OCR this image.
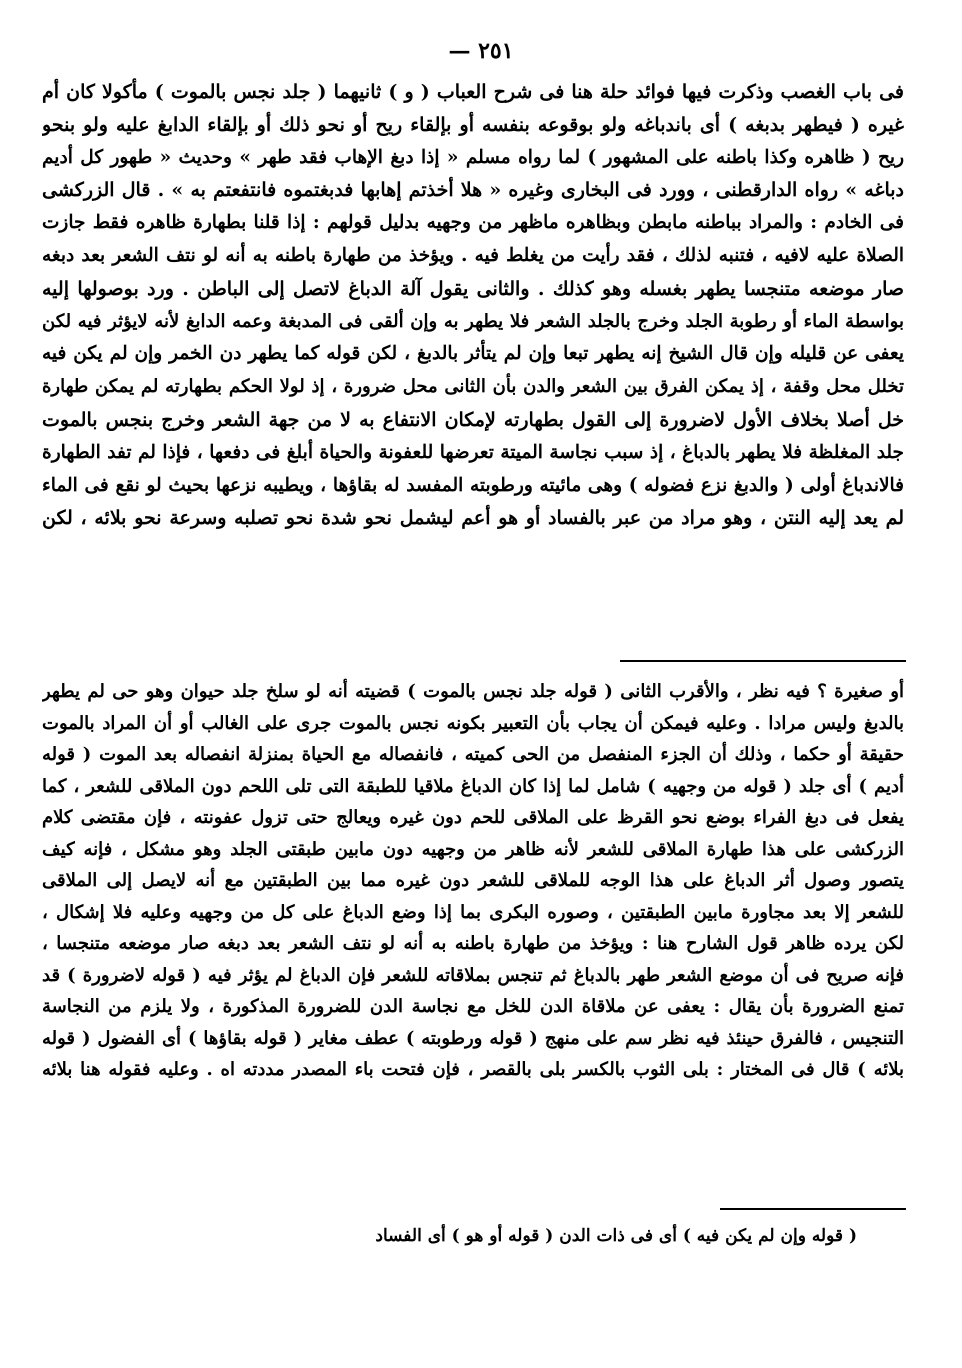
— ٢٥١
فى باب الغصب وذكرت فيها فوائد حلة هنا فى شرح العباب ( و ) ثانيهما ( جلد نجس بالموت ) مأكولا كان أم
غيره ( فيطهر بدبغه ) أى باندباغه ولو بوقوعه بنفسه أو بإلقاء ريح أو نحو ذلك أو بإلقاء الدابغ عليه ولو بنحو
ريح ( ظاهره وكذا باطنه على المشهور ) لما رواه مسلم « إذا دبغ الإهاب فقد طهر » وحديث « طهور كل أديم
دباغه » رواه الدارقطنى ، وورد فى البخارى وغيره « هلا أخذتم إهابها فدبغتموه فانتفعتم به » . قال الزركشى
فى الخادم : والمراد بباطنه مابطن وبظاهره ماظهر من وجهيه بدليل قولهم : إذا قلنا بطهارة ظاهره فقط جازت
الصلاة عليه لافيه ، فتنبه لذلك ، فقد رأيت من يغلط فيه . ويؤخذ من طهارة باطنه به أنه لو نتف الشعر بعد دبغه
صار موضعه متنجسا يطهر بغسله وهو كذلك . والثانى يقول آلة الدباغ لاتصل إلى الباطن . ورد بوصولها إليه
بواسطة الماء أو رطوبة الجلد وخرج بالجلد الشعر فلا يطهر به وإن ألقى فى المدبغة وعمه الدابغ لأنه لايؤثر فيه لكن
يعفى عن قليله وإن قال الشيخ إنه يطهر تبعا وإن لم يتأثر بالدبغ ، لكن قوله كما يطهر دن الخمر وإن لم يكن فيه
تخلل محل وقفة ، إذ يمكن الفرق بين الشعر والدن بأن الثانى محل ضرورة ، إذ لولا الحكم بطهارته لم يمكن طهارة
خل أصلا بخلاف الأول لاضرورة إلى القول بطهارته لإمكان الانتفاع به لا من جهة الشعر وخرج بنجس بالموت
جلد المغلظة فلا يطهر بالدباغ ، إذ سبب نجاسة الميتة تعرضها للعفونة والحياة أبلغ فى دفعها ، فإذا لم تفد الطهارة
فالاندباغ أولى ( والدبغ نزع فضوله ) وهى مائيته ورطوبته المفسد له بقاؤها ، ويطيبه نزعها بحيث لو نقع فى الماء
لم يعد إليه النتن ، وهو مراد من عبر بالفساد أو هو أعم ليشمل نحو شدة نحو تصلبه وسرعة نحو بلائه ، لكن
أو صغيرة ؟ فيه نظر ، والأقرب الثانى ( قوله جلد نجس بالموت ) قضيته أنه لو سلخ جلد حيوان وهو حى لم يطهر
بالدبغ وليس مرادا . وعليه فيمكن أن يجاب بأن التعبير بكونه نجس بالموت جرى على الغالب أو أن المراد بالموت
حقيقة أو حكما ، وذلك أن الجزء المنفصل من الحى كميته ، فانفصاله مع الحياة بمنزلة انفصاله بعد الموت ( قوله
أديم ) أى جلد ( قوله من وجهيه ) شامل لما إذا كان الدباغ ملاقيا للطبقة التى تلى اللحم دون الملاقى للشعر ، كما
يفعل فى دبغ الفراء بوضع نحو القرظ على الملاقى للحم دون غيره ويعالج حتى تزول عفونته ، فإن مقتضى كلام
الزركشى على هذا طهارة الملاقى للشعر لأنه ظاهر من وجهيه دون مابين طبقتى الجلد وهو مشكل ، فإنه كيف
يتصور وصول أثر الدباغ على هذا الوجه للملاقى للشعر دون غيره مما بين الطبقتين مع أنه لايصل إلى الملاقى
للشعر إلا بعد مجاورة مابين الطبقتين ، وصوره البكرى بما إذا وضع الدباغ على كل من وجهيه وعليه فلا إشكال ،
لكن يرده ظاهر قول الشارح هنا : ويؤخذ من طهارة باطنه به أنه لو نتف الشعر بعد دبغه صار موضعه متنجسا ،
فإنه صريح فى أن موضع الشعر طهر بالدباغ ثم تنجس بملاقاته للشعر فإن الدباغ لم يؤثر فيه ( قوله لاضرورة ) قد
تمنع الضرورة بأن يقال : يعفى عن ملاقاة الدن للخل مع نجاسة الدن للضرورة المذكورة ، ولا يلزم من النجاسة
التنجيس ، فالفرق حينئذ فيه نظر سم على منهج ( قوله ورطوبته ) عطف مغاير ( قوله بقاؤها ) أى الفضول ( قوله
بلائه ) قال فى المختار : بلى الثوب بالكسر بلى بالقصر ، فإن فتحت باء المصدر مددته اه . وعليه فقوله هنا بلائه
( قوله وإن لم يكن فيه ) أى فى ذات الدن ( قوله أو هو ) أى الفساد
